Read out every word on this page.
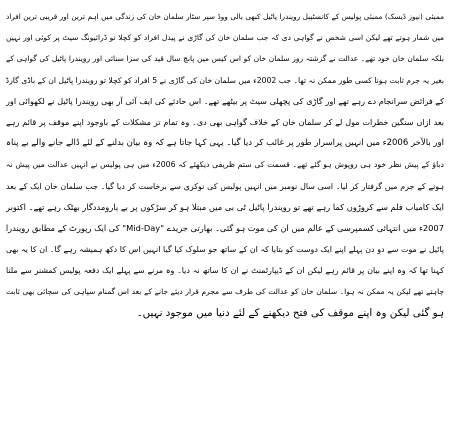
ممبئی (نیوز ڈیسک) ممبئی پولیس کے کانسٹیبل رویندرا پاٹیل کبھی بالی ووڈ سپر سٹار سلمان خان کی زندگی میں اہم ترین اور قریبی ترین افراد
میں شمار ہوتے تھے لیکن اسی شخص نے گواہی دی کہ جب سلمان خان کی گاڑی نے پیدل افراد کو کچلا تو ڈرائیونگ سیٹ پر کوئی اور نہیں
بلکہ سلمان خان خود تھے۔ عدالت نے گزشتہ روز سلمان خان کو اس کیس میں پانچ سال قید کی سزا سنائی اور رویندرا پاٹیل کی گواہی کے
بغیر یہ جرم ثابت ہونا کسی طور ممکن نہ تھا۔ جب 2002ء میں سلمان خان کی گاڑی نے 5 افراد کو کچلا تو رویندرا پاٹیل ان کے باڈی گارڈ
کے فرائض سرانجام دے رہے تھے اور گاڑی کی پچھلی سیٹ پر بیٹھے تھے۔ اس حادثے کی ایف آئی آر بھی رویندرا پاٹیل نے لکھوائی اور
بعد ازاں سنگین خطرات مول لے کر سلمان خان کے خلاف گواہی بھی دی۔ وہ تمام تر مشکلات کے باوجود اپنے موقف پر قائم رہے
اور بالآخر 2006ء میں انہیں پراسرار طور پر غائب کر دیا گیا۔ یہی کہا جاتا ہے کہ وہ بیان بدلنے کے لئے ڈالے جانے والے بے پناہ
دباؤ کے پیش نظر خود ہی روپوش ہو گئے تھے۔ قسمت کی ستم ظریفی دیکھئے کہ 2006ء میں ہی پولیس نے انہیں عدالت میں پیش نہ
ہونے کے جرم میں گرفتار کر لیا۔ اسی سال نومبر میں انہیں پولیس کی نوکری سے برخاست کر دیا گیا۔ جب سلمان خان ایک کے بعد
ایک کامیاب فلم سے کروڑوں کما رہے تھے تو رویندرا پاٹیل ٹی بی میں مبتلا ہو کر سڑکوں پر بے یارومددگار بھٹک رہے تھے۔ اکتوبر
2007ء میں انتہائی کسمپرسی کے عالم میں ان کی موت ہو گئی۔ بھارتی جریدے "Mid-Day" کی ایک رپورٹ کے مطابق رویندرا
پاٹیل نے موت سے دو دن پہلے اپنے ایک دوست کو بتایا کہ ان کے ساتھ جو سلوک کیا گیا انہیں اس کا دکھ ہمیشہ رہے گا۔ ان کا یہ بھی
کہنا تھا کہ وہ اپنے بیان پر قائم رہے لیکن ان کے ڈیپارٹمنٹ نے ان کا ساتھ نہ دیا۔ وہ مرنے سے پہلے ایک دفعہ پولیس کمشنر سے ملنا
چاہتے تھے لیکن یہ ممکن نہ ہوا۔ سلمان خان کو عدالت کی طرف سے مجرم قرار دیئے جانے کے بعد اس گمنام سپاہی کی سچائی بھی ثابت
ہو گئی لیکن وہ اپنے موقف کی فتح دیکھنے کے لئے دنیا میں موجود نہیں۔
